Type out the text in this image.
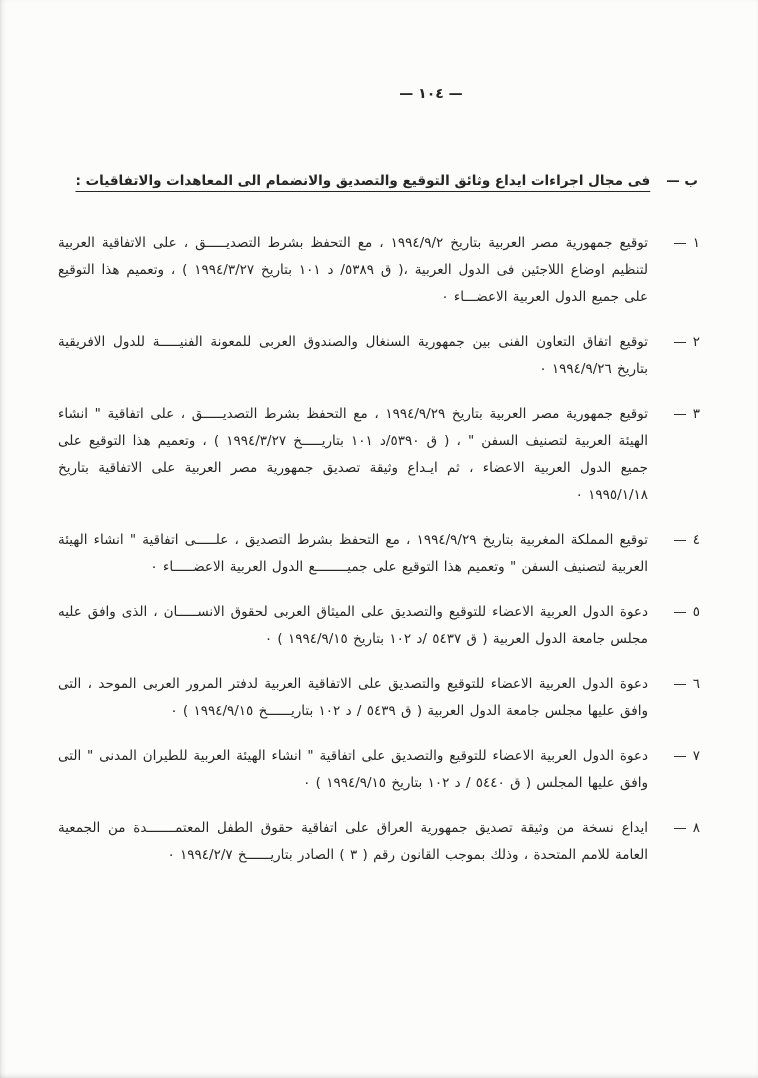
— ١٠٤ —
ب —فى مجال اجراءات ايداع وثائق التوقيع والتصديق والانضمام الى المعاهدات والاتفاقيات :
١—

توقيع جمهورية مصر العربية بتاريخ ١٩٩٤/٩/٢ ، مع التحفظ بشرط التصديـــــق ، على الاتفاقية العربية لتنظيم اوضاع اللاجئين فى الدول العربية ،( ق ٥٣٨٩/ د ١٠١ بتاريخ ١٩٩٤/٣/٢٧ ) ، وتعميم هذا التوقيع على جميع الدول العربية الاعضـــاء ٠

٢—

توقيع اتفاق التعاون الفنى بين جمهورية السنغال والصندوق العربى للمعونة الفنيـــــة للدول الافريقية بتاريخ ١٩٩٤/٩/٢٦ ٠

٣—

توقيع جمهورية مصر العربية بتاريخ ١٩٩٤/٩/٢٩ ، مع التحفظ بشرط التصديـــــق ، على اتفاقية " انشاء الهيئة العربية لتصنيف السفن " ، ( ق ٥٣٩٠/د ١٠١ بتاريـــــخ ١٩٩٤/٣/٢٧ ) ، وتعميم هذا التوقيع على جميع الدول العربية الاعضاء ، ثم ايـداع وثيقة تصديق جمهورية مصر العربية على الاتفاقية بتاريخ ١٩٩٥/١/١٨ ٠

٤—

توقيع المملكة المغربية بتاريخ ١٩٩٤/٩/٢٩ ، مع التحفظ بشرط التصديق ، علـــــى اتفاقية " انشاء الهيئة العربية لتصنيف السفن " وتعميم هذا التوقيع على جميــــــــع الدول العربية الاعضـــــاء ٠

٥—

دعوة الدول العربية الاعضاء للتوقيع والتصديق على الميثاق العربى لحقوق الانســـــان ، الذى وافق عليه مجلس جامعة الدول العربية ( ق ٥٤٣٧ /د ١٠٢ بتاريخ ١٩٩٤/٩/١٥ ) ٠

٦—

دعوة الدول العربية الاعضاء للتوقيع والتصديق على الاتفاقية العربية لدفتر المرور العربى الموحد ، التى وافق عليها مجلس جامعة الدول العربية ( ق ٥٤٣٩ / د ١٠٢ بتاريــــــخ ١٩٩٤/٩/١٥ ) ٠

٧—

دعوة الدول العربية الاعضاء للتوقيع والتصديق على اتفاقية " انشاء الهيئة العربية للطيران المدنى " التى وافق عليها المجلس ( ق ٥٤٤٠ / د ١٠٢ بتاريخ ١٩٩٤/٩/١٥ ) ٠

٨—

ايداع نسخة من وثيقة تصديق جمهورية العراق على اتفاقية حقوق الطفل المعتمـــــــدة من الجمعية العامة للامم المتحدة ، وذلك بموجب القانون رقم ( ٣ ) الصادر بتاريــــــخ ١٩٩٤/٢/٧ ٠
